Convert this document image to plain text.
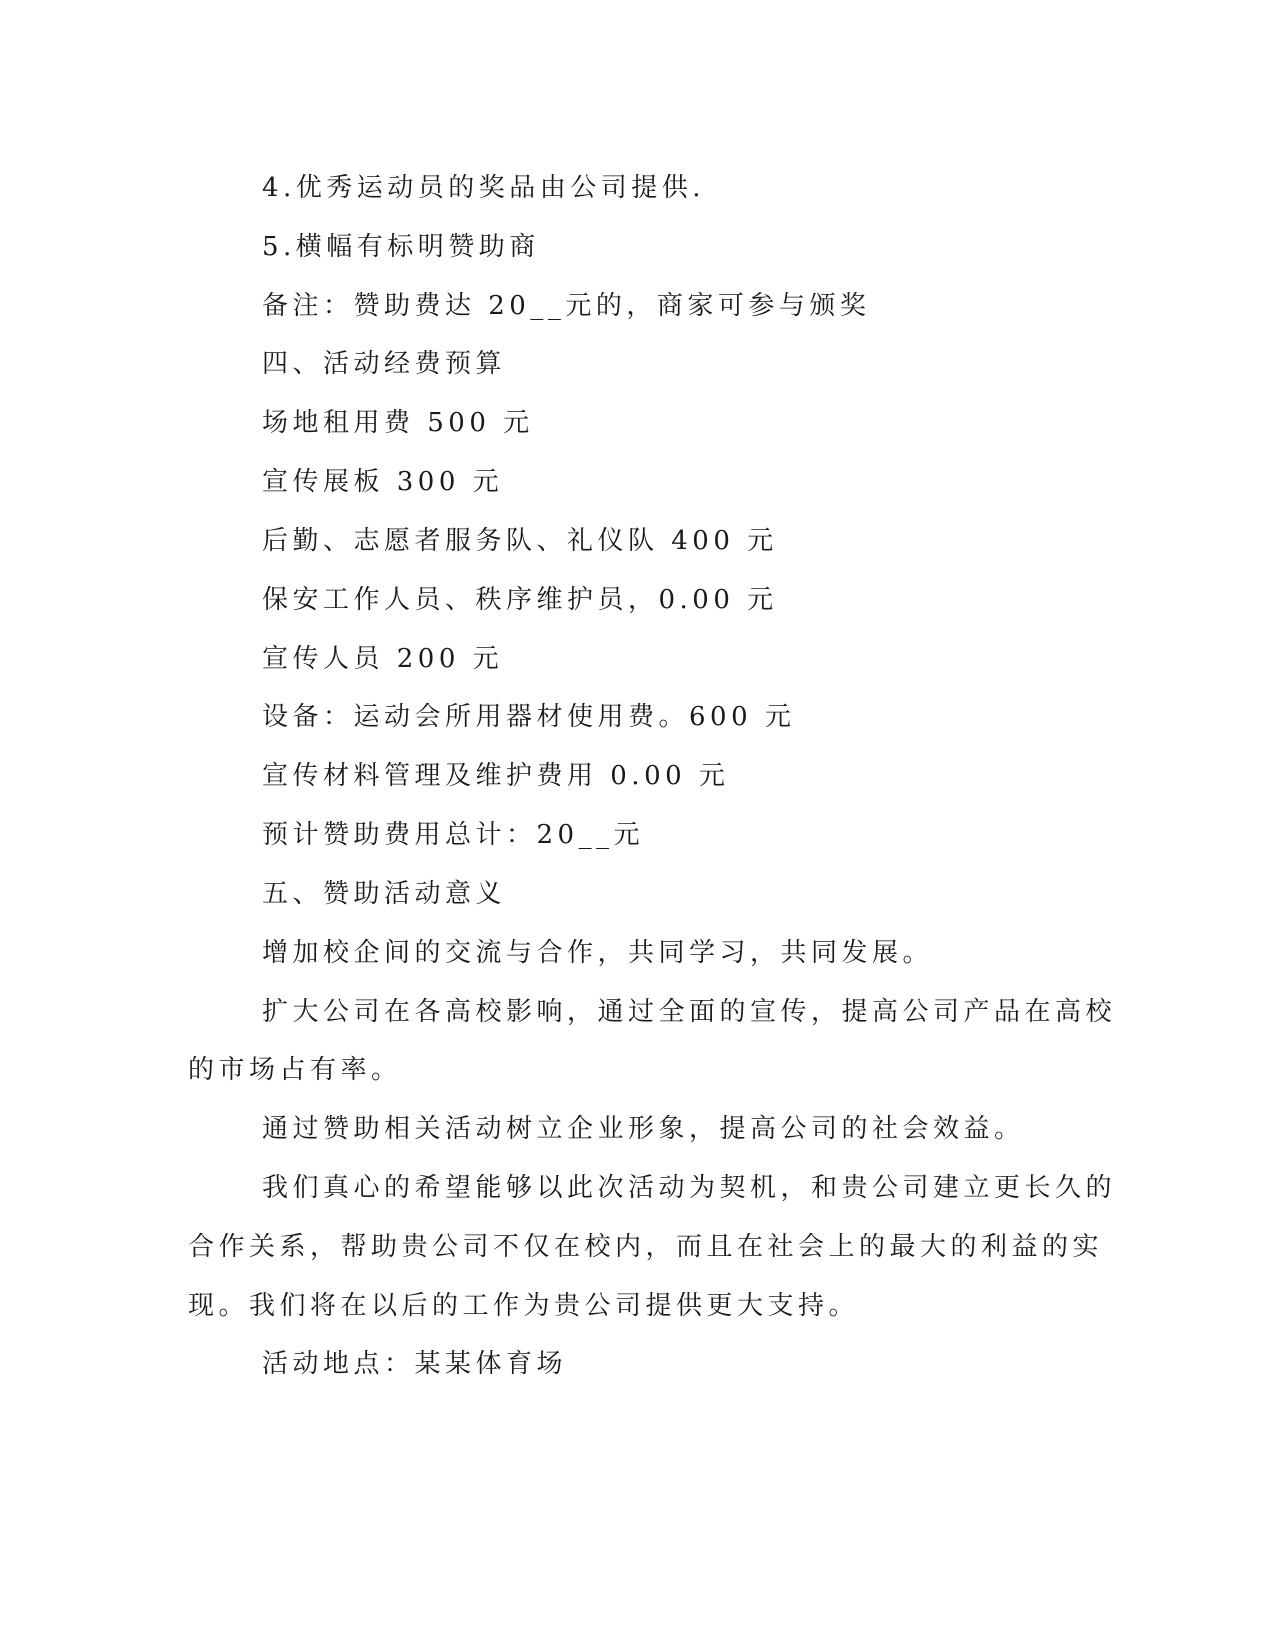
4.优秀运动员的奖品由公司提供.
5.横幅有标明赞助商
备注：赞助费达 20__元的，商家可参与颁奖
四、活动经费预算
场地租用费 500 元
宣传展板 300 元
后勤、志愿者服务队、礼仪队 400 元
保安工作人员、秩序维护员，0.00 元
宣传人员 200 元
设备：运动会所用器材使用费。600 元
宣传材料管理及维护费用 0.00 元
预计赞助费用总计：20__元
五、赞助活动意义
增加校企间的交流与合作，共同学习，共同发展。
扩大公司在各高校影响，通过全面的宣传，提高公司产品在高校
的市场占有率。
通过赞助相关活动树立企业形象，提高公司的社会效益。
我们真心的希望能够以此次活动为契机，和贵公司建立更长久的
合作关系，帮助贵公司不仅在校内，而且在社会上的最大的利益的实
现。我们将在以后的工作为贵公司提供更大支持。
活动地点：某某体育场
